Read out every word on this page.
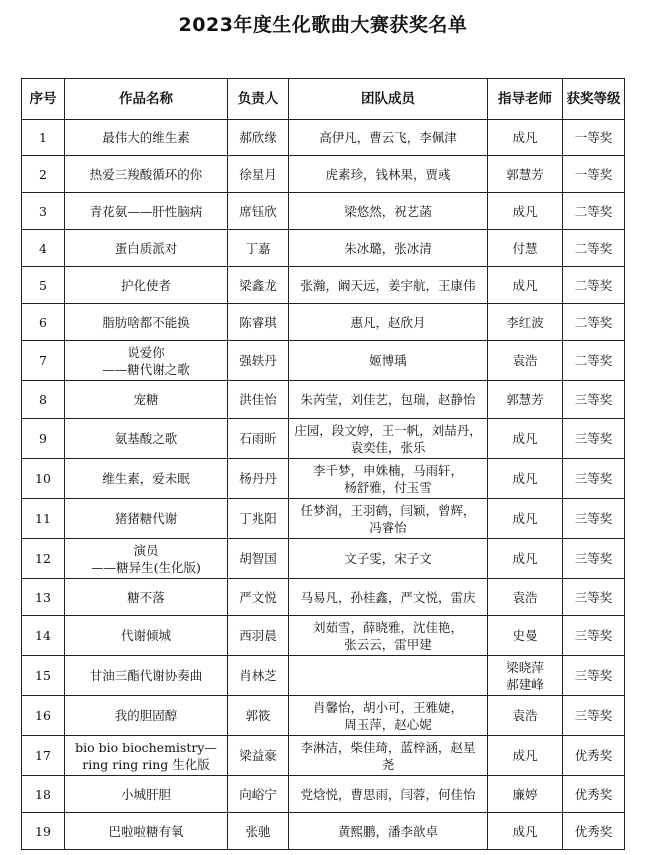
2023年度生化歌曲大赛获奖名单
序号	作品名称	负责人	团队成员	指导老师	获奖等级
1	最伟大的维生素	郝欣缘	高伊凡，曹云飞，李佩津	成凡	一等奖
2	热爱三羧酸循环的你	徐星月	虎素珍，钱林果，贾彧	郭慧芳	一等奖
3	青花氨——肝性脑病	席钰欣	梁悠然，祝艺菡	成凡	二等奖
4	蛋白质派对	丁嘉	朱冰璐，张冰清	付慧	二等奖
5	护化使者	梁鑫龙	张瀚，阚天远，姜宇航，王康伟	成凡	二等奖
6	脂肪啥都不能换	陈睿琪	惠凡，赵欣月	李红波	二等奖
7	说爱你
——糖代谢之歌	强轶丹	姬博瑀	袁浩	二等奖
8	宠糖	洪佳怡	朱芮莹，刘佳艺，包瑞，赵静怡	郭慧芳	三等奖
9	氨基酸之歌	石雨昕	庄园，段文婷，王一帆，刘喆丹，
袁奕佳，张乐	成凡	三等奖
10	维生素，爱未眠	杨丹丹	李千梦，申姝楠，马雨轩，
杨舒雅，付玉雪	成凡	三等奖
11	猪猪糖代谢	丁兆阳	任梦润，王羽鹤，闫颖，曾辉，
冯睿怡	成凡	三等奖
12	演员
——糖异生(生化版)	胡智国	文子雯，宋子文	成凡	三等奖
13	糖不落	严文悦	马易凡，孙桂鑫，严文悦，雷庆	袁浩	三等奖
14	代谢倾城	西羽晨	刘茹雪，薛晓雅，沈佳艳，
张云云，雷甲建	史曼	三等奖
15	甘油三酯代谢协奏曲	肖林芝		梁晓萍
郝建峰	三等奖
16	我的胆固醇	郭筱	肖馨怡，胡小可，王雅婕，
周玉萍，赵心妮	袁浩	三等奖
17	bio bio biochemistry—
ring ring ring 生化版	梁益豪	李淋洁，柴佳琦，蓝梓涵，赵星
尧	成凡	优秀奖
18	小城肝胆	向峪宁	党焓悦，曹思雨，闫蓉，何佳怡	廉婷	优秀奖
19	巴啦啦糖有氧	张驰	黄熙鹏，潘李歆卓	成凡	优秀奖
